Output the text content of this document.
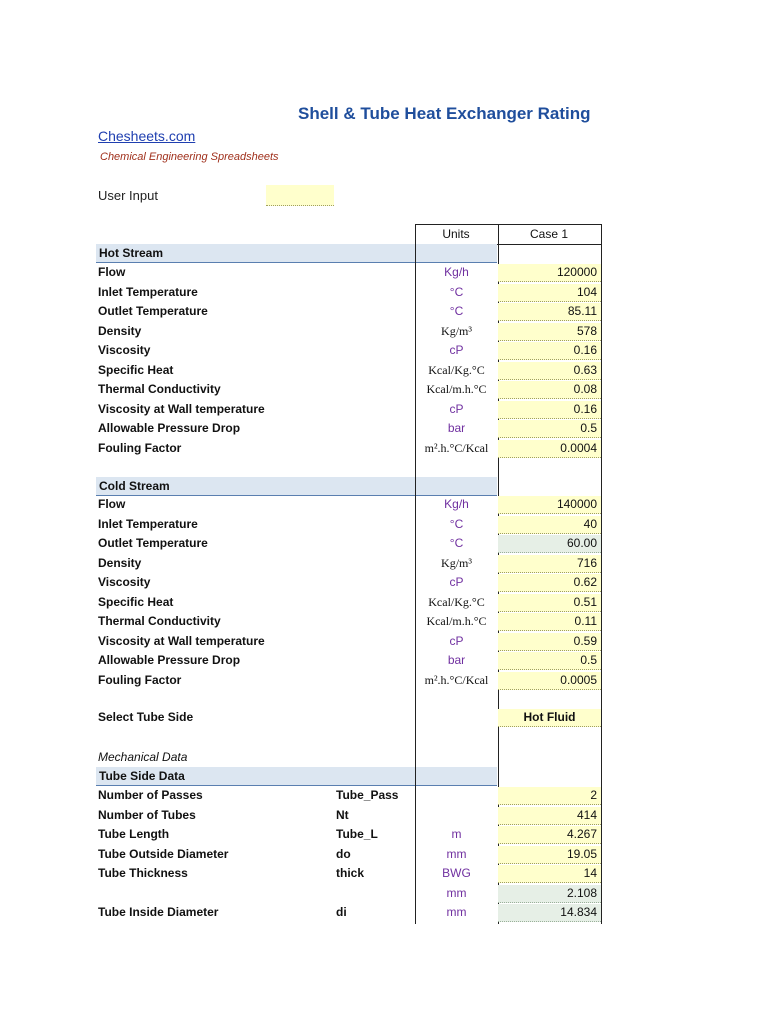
Shell & Tube Heat Exchanger Rating
Chesheets.com
Chemical Engineering Spreadsheets
User Input
Units	Case 1
Hot Stream
Flow	Kg/h	120000
Inlet Temperature	°C	104
Outlet Temperature	°C	85.11
Density	Kg/m³	578
Viscosity	cP	0.16
Specific Heat	Kcal/Kg.°C	0.63
Thermal Conductivity	Kcal/m.h.°C	0.08
Viscosity at Wall temperature	cP	0.16
Allowable Pressure Drop	bar	0.5
Fouling Factor	m².h.°C/Kcal	0.0004
Cold Stream
Flow	Kg/h	140000
Inlet Temperature	°C	40
Outlet Temperature	°C	60.00
Density	Kg/m³	716
Viscosity	cP	0.62
Specific Heat	Kcal/Kg.°C	0.51
Thermal Conductivity	Kcal/m.h.°C	0.11
Viscosity at Wall temperature	cP	0.59
Allowable Pressure Drop	bar	0.5
Fouling Factor	m².h.°C/Kcal	0.0005
Select Tube Side	Hot Fluid
Mechanical Data
Tube Side Data
Number of Passes	Tube_Pass	2
Number of Tubes	Nt	414
Tube Length	Tube_L	m	4.267
Tube Outside Diameter	do	mm	19.05
Tube Thickness	thick	BWG	14
mm	2.108
Tube Inside Diameter	di	mm	14.834
